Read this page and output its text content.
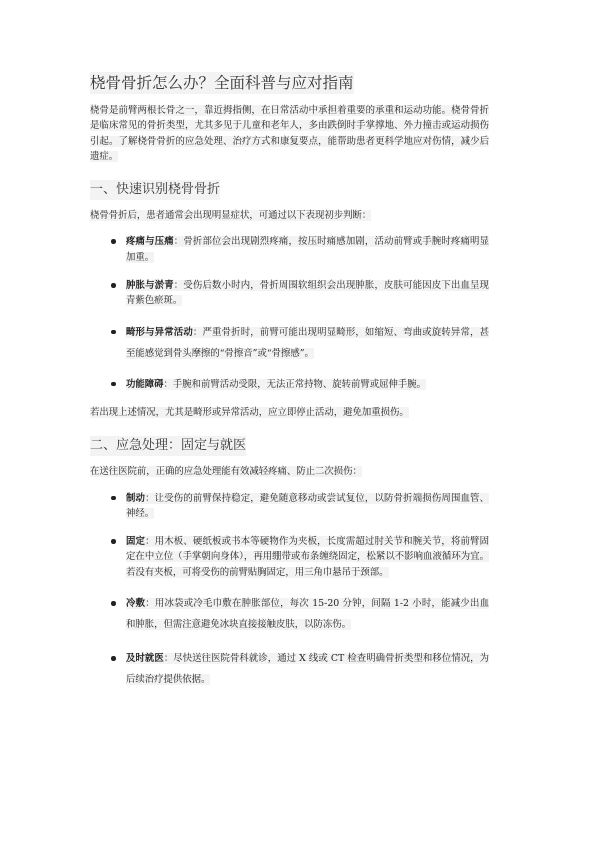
桡骨骨折怎么办？全面科普与应对指南

桡骨是前臂两根长骨之一，靠近拇指侧，在日常活动中承担着重要的承重和运动功能。桡骨骨折是临床常见的骨折类型，尤其多见于儿童和老年人，多由跌倒时手掌撑地、外力撞击或运动损伤引起。了解桡骨骨折的应急处理、治疗方式和康复要点，能帮助患者更科学地应对伤情，减少后遗症。

一、快速识别桡骨骨折

桡骨骨折后，患者通常会出现明显症状，可通过以下表现初步判断：

疼痛与压痛：骨折部位会出现剧烈疼痛，按压时痛感加剧，活动前臂或手腕时疼痛明显加重。
肿胀与淤青：受伤后数小时内，骨折周围软组织会出现肿胀，皮肤可能因皮下出血呈现青紫色瘀斑。
畸形与异常活动：严重骨折时，前臂可能出现明显畸形，如缩短、弯曲或旋转异常，甚至能感觉到骨头摩擦的“骨擦音”或“骨擦感”。
功能障碍：手腕和前臂活动受限，无法正常持物、旋转前臂或屈伸手腕。

若出现上述情况，尤其是畸形或异常活动，应立即停止活动，避免加重损伤。

二、应急处理：固定与就医

在送往医院前，正确的应急处理能有效减轻疼痛、防止二次损伤：

制动：让受伤的前臂保持稳定，避免随意移动或尝试复位，以防骨折端损伤周围血管、神经。
固定：用木板、硬纸板或书本等硬物作为夹板，长度需超过肘关节和腕关节，将前臂固定在中立位（手掌朝向身体），再用绷带或布条缠绕固定，松紧以不影响血液循环为宜。若没有夹板，可将受伤的前臂贴胸固定，用三角巾悬吊于颈部。
冷敷：用冰袋或冷毛巾敷在肿胀部位，每次 15-20 分钟，间隔 1-2 小时，能减少出血和肿胀，但需注意避免冰块直接接触皮肤，以防冻伤。
及时就医：尽快送往医院骨科就诊，通过 X 线或 CT 检查明确骨折类型和移位情况，为后续治疗提供依据。
